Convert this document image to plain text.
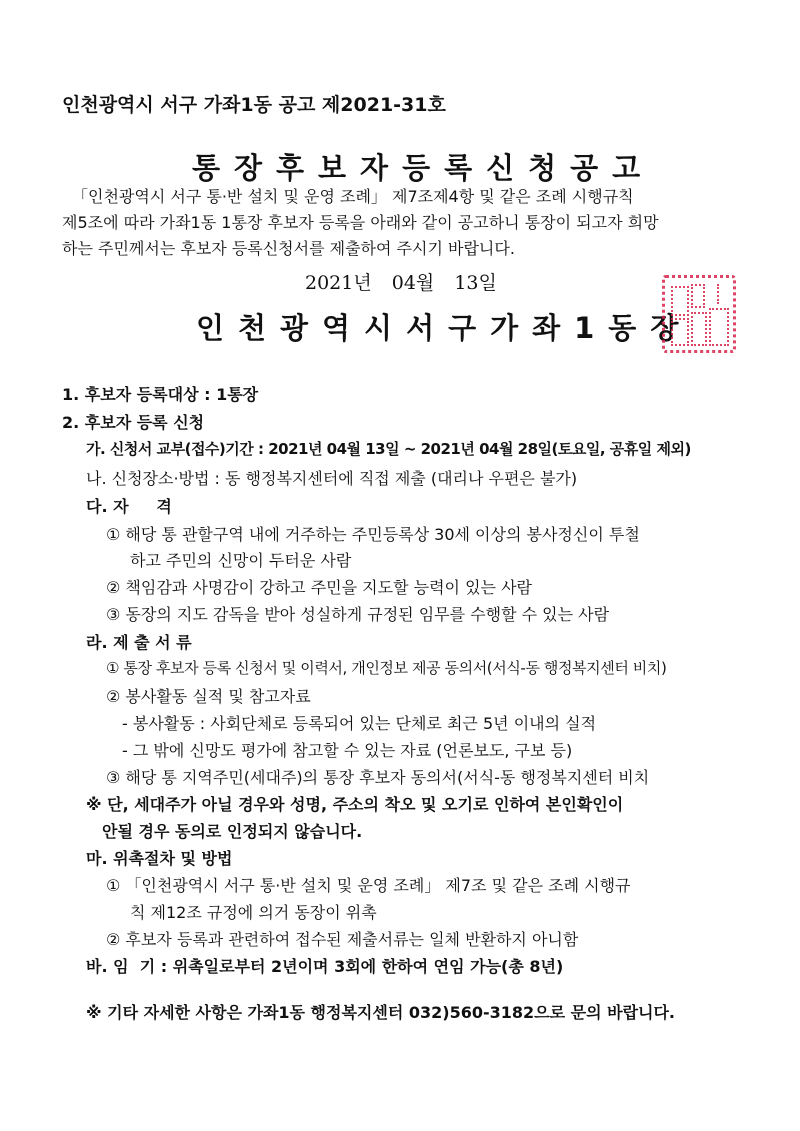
인천광역시 서구 가좌1동 공고 제2021-31호
통장후보자등록신청공고
「인천광역시 서구 통·반 설치 및 운영 조례」 제7조제4항 및 같은 조례 시행규칙
제5조에 따라 가좌1동 1통장 후보자 등록을 아래와 같이 공고하니 통장이 되고자 희망
하는 주민께서는 후보자 등록신청서를 제출하여 주시기 바랍니다.
2021년 04월 13일
인천광역시서구가좌1동장
1. 후보자 등록대상 : 1통장
2. 후보자 등록 신청
가. 신청서 교부(접수)기간 : 2021년 04월 13일 ~ 2021년 04월 28일(토요일, 공휴일 제외)
나. 신청장소·방법 : 동 행정복지센터에 직접 제출 (대리나 우편은 불가)
다. 자     격
① 해당 통 관할구역 내에 거주하는 주민등록상 30세 이상의 봉사정신이 투철
하고 주민의 신망이 두터운 사람
② 책임감과 사명감이 강하고 주민을 지도할 능력이 있는 사람
③ 동장의 지도 감독을 받아 성실하게 규정된 임무를 수행할 수 있는 사람
라. 제 출 서 류
① 통장 후보자 등록 신청서 및 이력서, 개인정보 제공 동의서(서식-동 행정복지센터 비치)
② 봉사활동 실적 및 참고자료
- 봉사활동 : 사회단체로 등록되어 있는 단체로 최근 5년 이내의 실적
- 그 밖에 신망도 평가에 참고할 수 있는 자료 (언론보도, 구보 등)
③ 해당 통 지역주민(세대주)의 통장 후보자 동의서(서식-동 행정복지센터 비치
※ 단, 세대주가 아닐 경우와 성명, 주소의 착오 및 오기로 인하여 본인확인이
안될 경우 동의로 인정되지 않습니다.
마. 위촉절차 및 방법
① 「인천광역시 서구 통·반 설치 및 운영 조례」 제7조 및 같은 조례 시행규
칙 제12조 규정에 의거 동장이 위촉
② 후보자 등록과 관련하여 접수된 제출서류는 일체 반환하지 아니함
바. 임  기 : 위촉일로부터 2년이며 3회에 한하여 연임 가능(총 8년)
※ 기타 자세한 사항은 가좌1동 행정복지센터 032)560-3182으로 문의 바랍니다.
